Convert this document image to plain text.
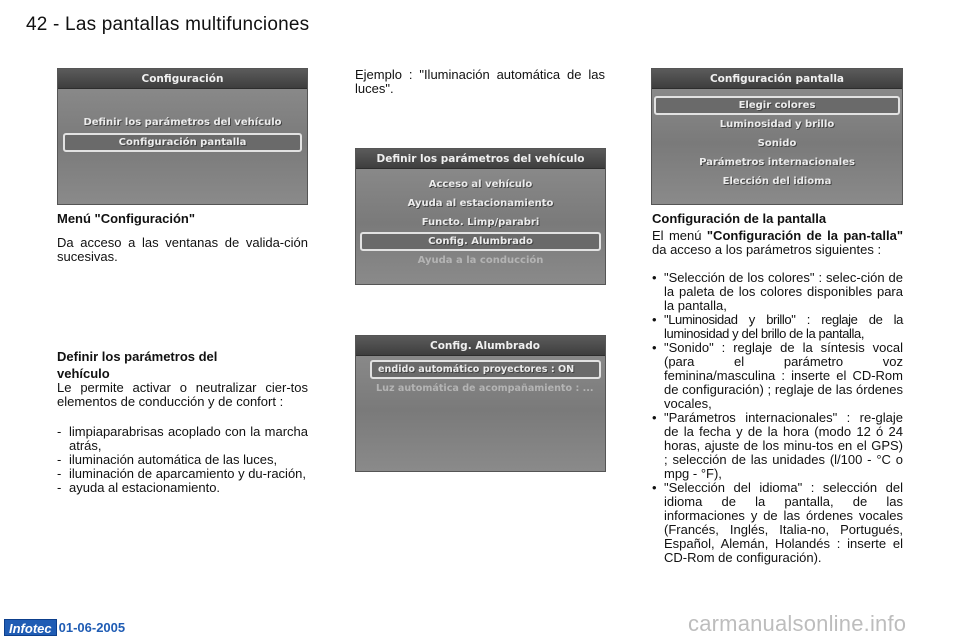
42 - Las pantallas multifunciones
Configuración
Definir los parámetros del vehículo
Configuración pantalla
Menú "Configuración"
Da acceso a las ventanas de valida-ción sucesivas.
Definir los parámetros del
vehículo
Le permite activar o neutralizar cier-tos elementos de conducción y de confort :
- limpiaparabrisas acoplado con la marcha atrás,
- iluminación automática de las luces,
- iluminación de aparcamiento y du-ración,
- ayuda al estacionamiento.
Ejemplo : "Iluminación automática de las luces".
Definir los parámetros del vehículo
Acceso al vehículo
Ayuda al estacionamiento
Functo. Limp/parabri
Config. Alumbrado
Ayuda a la conducción
Config. Alumbrado
endido automático proyectores : ON
Luz automática de acompañamiento : ...
Configuración pantalla
Elegir colores
Luminosidad y brillo
Sonido
Parámetros internacionales
Elección del idioma
Configuración de la pantalla
El menú "Configuración de la pan-talla" da acceso a los parámetros siguientes :
• "Selección de los colores" : selec-ción de la paleta de los colores disponibles para la pantalla,
• "Luminosidad y brillo" : reglaje de la luminosidad y del brillo de la pantalla,
• "Sonido" : reglaje de la síntesis vocal (para el parámetro voz feminina/masculina : inserte el CD-Rom de configuración) ; reglaje de las órdenes vocales,
• "Parámetros internacionales" : re-glaje de la fecha y de la hora (modo 12 ó 24 horas, ajuste de los minu-tos en el GPS) ; selección de las unidades (l/100 - °C o mpg - °F),
• "Selección del idioma" : selección del idioma de la pantalla, de las informaciones y de las órdenes vocales (Francés, Inglés, Italia-no, Portugués, Español, Alemán, Holandés : inserte el CD-Rom de configuración).
Infotec 01-06-2005	carmanualsonline.info
